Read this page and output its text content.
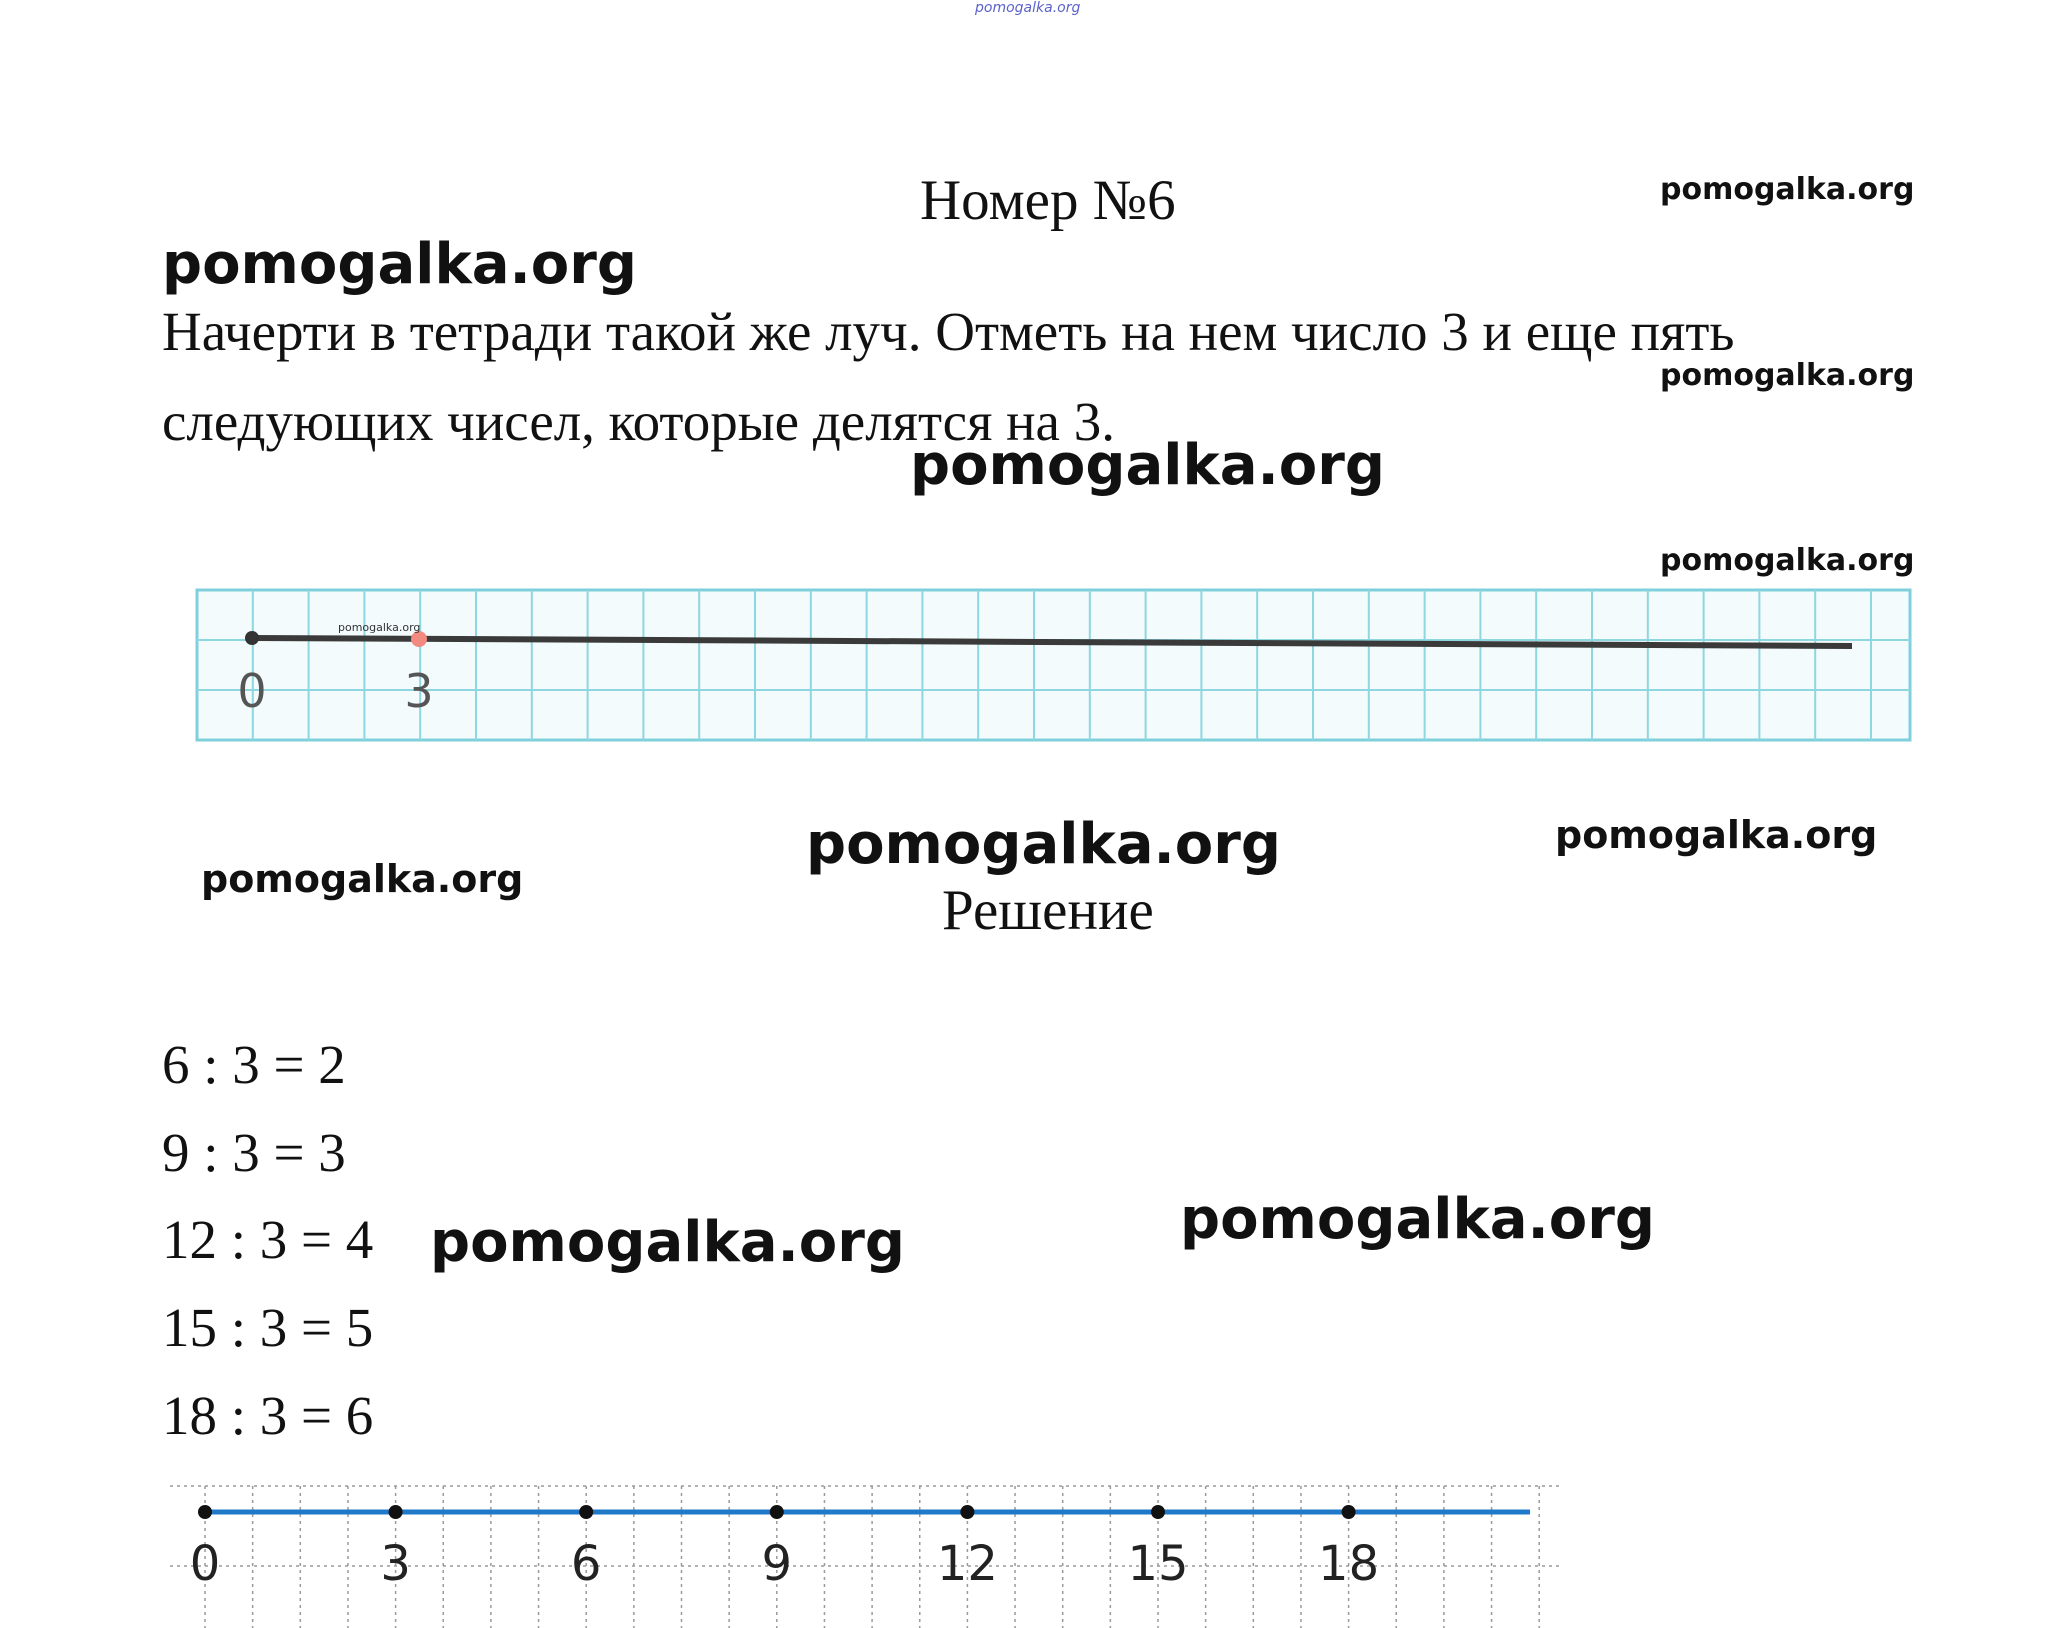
pomogalka.org
Номер №6	pomogalka.org
pomogalka.org
Начерти в тетради такой же луч. Отметь на нем число 3 и еще пять
следующих чисел, которые делятся на 3.
pomogalka.org
pomogalka.org
pomogalka.org
pomogalka.org
0	3
pomogalka.org
pomogalka.org
pomogalka.org	Решение
6 : 3 = 2
9 : 3 = 3
12 : 3 = 4
15 : 3 = 5
18 : 3 = 6
pomogalka.org	pomogalka.org
0	3	6	9	12	15	18
